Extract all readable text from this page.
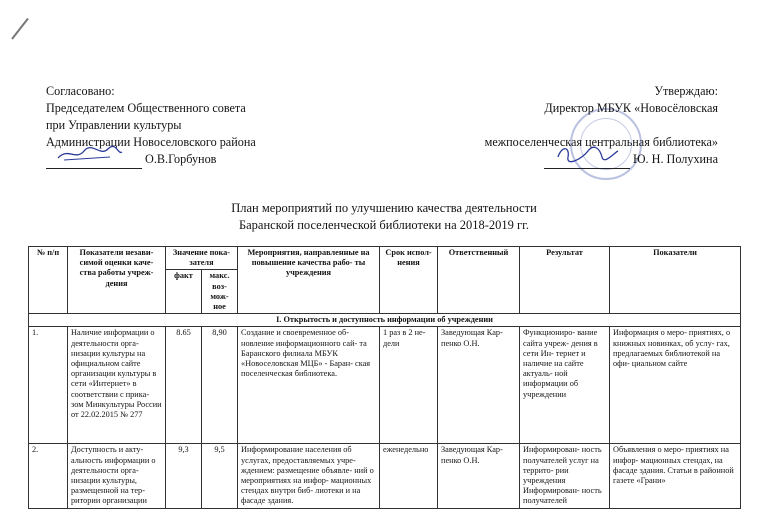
Согласовано:
Председателем Общественного совета
при Управлении культуры
Администрации Новоселовского района

О.В.Горбунов
Утверждаю:
Директор МБУК «Новосёловская
межпоселенческая центральная библиотека»

Ю. Н. Полухина
План мероприятий по улучшению качества деятельности
Баранской поселенческой библиотеки на 2018-2019 гг.
№ п/п	Показатели незави- симой оценки каче- ства работы учреж- дения	Значение пока- зателя		Мероприятия, направленные на повышение качества рабо- ты учреждения	Срок испол- нения	Ответственный	Результат	Показатели
		факт	макс. воз- мож- ное					
I. Открытость и доступность информации об учреждении								
1.	Наличие информации о деятельности орга- низации культуры на официальном сайте организации культуры в сети «Интернет» в соответствии с прика- зом Минкультуры России от 22.02.2015 № 277	8.65	8,90	Создание и своевременное об- новление информационного сай- та Баранского филиала МБУК «Новоселовская МЦБ» - Баран- ская поселенческая библиотека.	1 раз в 2 не- дели	Заведующая Кар- пенко О.Н.	Функциониро- вание сайта учреж- дения в сети Ин- тернет и наличие на сайте актуаль- ной информации об учреждении	Информация о меро- приятиях, о книжных новинках, об услу- гах, предлагаемых библиотекой на офи- циальном сайте
2.	Доступность и акту- альность информации о деятельности орга- низации культуры, размещенной на тер- ритории организации	9,3	9,5	Информирование населения об услугах, предоставляемых учре- ждением: размещение объявле- ний о мероприятиях на инфор- мационных стендах внутри биб- лиотеки и на фасаде здания.	еженедельно	Заведующая Кар- пенко О.Н.	Информирован- ность получателей услуг на террито- рии учреждения Информирован- ность получателей	Объявления о меро- приятиях на инфор- мационных стендах, на фасаде здания. Статьи в районной газете «Грани»
